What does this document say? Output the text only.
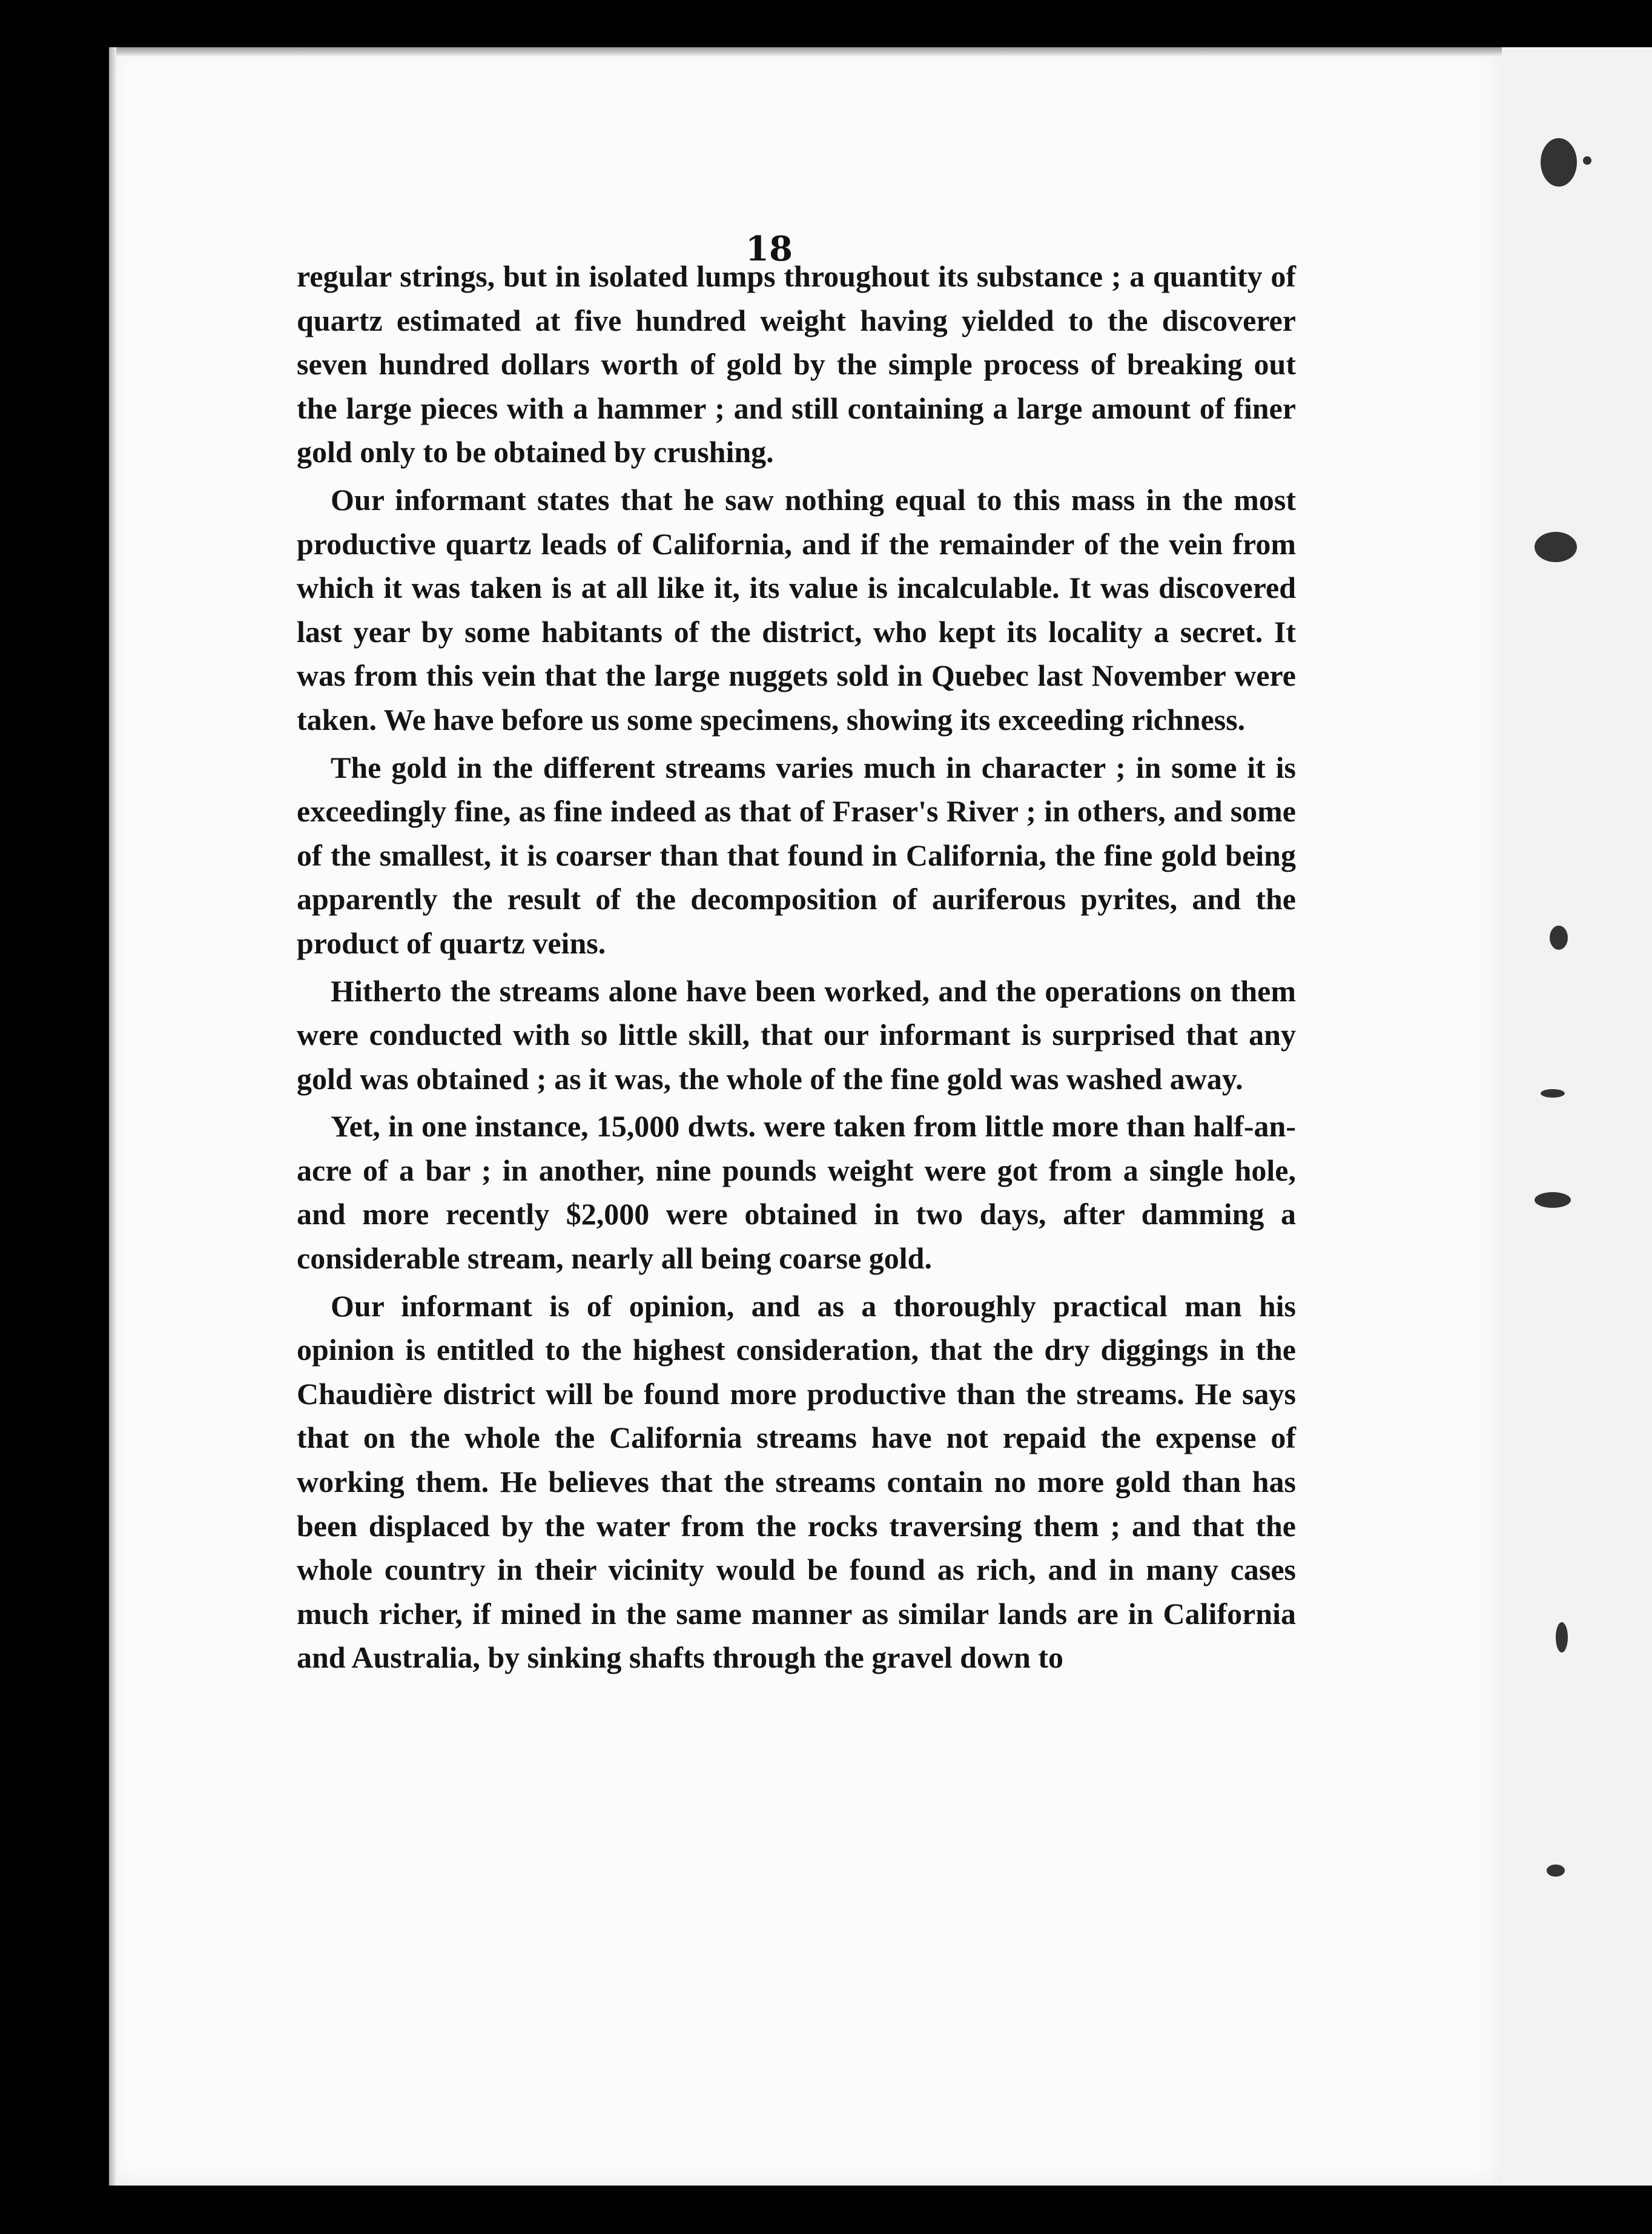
18

regular strings, but in isolated lumps throughout its substance ; a quantity of quartz estimated at five hundred weight having yielded to the discoverer seven hundred dollars worth of gold by the simple process of breaking out the large pieces with a hammer ; and still containing a large amount of finer gold only to be obtained by crushing.

Our informant states that he saw nothing equal to this mass in the most productive quartz leads of California, and if the remainder of the vein from which it was taken is at all like it, its value is incalculable. It was discovered last year by some habitants of the district, who kept its locality a secret. It was from this vein that the large nuggets sold in Quebec last November were taken. We have before us some specimens, showing its exceeding richness.

The gold in the different streams varies much in character ; in some it is exceedingly fine, as fine indeed as that of Fraser's River ; in others, and some of the smallest, it is coarser than that found in California, the fine gold being apparently the result of the decomposition of auriferous pyrites, and the product of quartz veins.

Hitherto the streams alone have been worked, and the operations on them were conducted with so little skill, that our informant is surprised that any gold was obtained ; as it was, the whole of the fine gold was washed away.

Yet, in one instance, 15,000 dwts. were taken from little more than half-an-acre of a bar ; in another, nine pounds weight were got from a single hole, and more recently $2,000 were obtained in two days, after damming a considerable stream, nearly all being coarse gold.

Our informant is of opinion, and as a thoroughly practical man his opinion is entitled to the highest consideration, that the dry diggings in the Chaudière district will be found more productive than the streams. He says that on the whole the California streams have not repaid the expense of working them. He believes that the streams contain no more gold than has been displaced by the water from the rocks traversing them ; and that the whole country in their vicinity would be found as rich, and in many cases much richer, if mined in the same manner as similar lands are in California and Australia, by sinking shafts through the gravel down to
